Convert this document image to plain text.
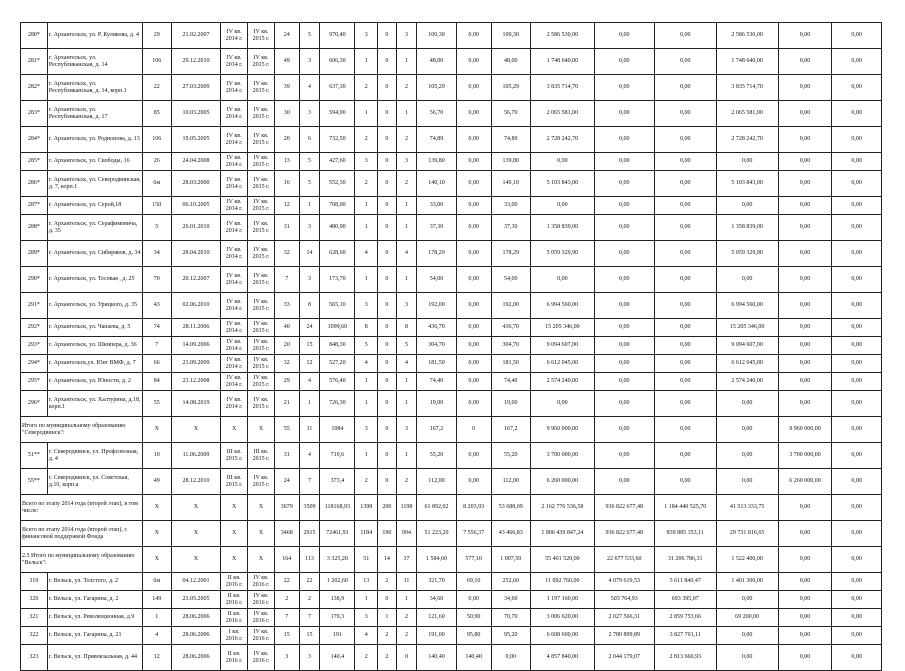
280*	г. Архангельск, ул. Р. Куликова, д. 4	29	21.02.2007	IV кв. 2014 г.	IV кв. 2015 г.	24	5	970,40	3	0	3	100,30	0,00	100,30	2 586 530,00	0,00	0,00	2 586 530,00	0,00	0,00
281*	г. Архангельск, ул. Республиканская, д. 14	106	29.12.2010	IV кв. 2014 г.	IV кв. 2015 г.	49	3	606,30	1	0	1	48,00	0,00	48,00	1 748 640,00	0,00	0,00	1 748 640,00	0,00	0,00
282*	г. Архангельск, ул. Республиканская, д. 14, корп.1	22	27.03.2009	IV кв. 2014 г.	IV кв. 2015 г.	39	4	637,30	2	0	2	105,29	0,00	105,29	3 835 714,70	0,00	0,00	3 835 714,70	0,00	0,00
283*	г. Архангельск, ул. Республиканская, д. 17	85	10.03.2005	IV кв. 2014 г.	IV кв. 2015 г.	30	3	594,00	1	0	1	56,70	0,00	56,70	2 065 581,00	0,00	0,00	2 065 581,00	0,00	0,00
284*	г. Архангельск, ул. Родионова, д. 13	106	19.05.2005	IV кв. 2014 г.	IV кв. 2015 г.	20	6	732,50	2	0	2	74,89	0,00	74,89	2 728 242,70	0,00	0,00	2 728 242,70	0,00	0,00
285*	г. Архангельск, ул. Свободы, 16	26	24.04.2008	IV кв. 2014 г.	IV кв. 2015 г.	13	5	427,60	3	0	3	139,80	0,00	139,80	0,00	0,00	0,00	0,00	0,00	0,00
286*	г. Архангельск, ул. Северодвинская, д. 7, корп.1	6м	28.03.2000	IV кв. 2014 г.	IV кв. 2015 г.	16	5	552,30	2	0	2	140,10	0,00	140,10	5 103 843,00	0,00	0,00	5 103 843,00	0,00	0,00
287*	г. Архангельск, ул. Серой,18	150	06.10.2005	IV кв. 2014 г.	IV кв. 2015 г.	12	1	708,00	1	0	1	33,00	0,00	33,00	0,00	0,00	0,00	0,00	0,00	0,00
288*	г. Архангельск, ул. Серафимовича, д. 35	5	26.01.2010	IV кв. 2014 г.	IV кв. 2015 г.	31	3	480,90	1	0	1	37,30	0,00	37,30	1 358 839,00	0,00	0,00	1 358 839,00	0,00	0,00
289*	г. Архангельск, ул. Сибиряков, д. 34	34	28.04.2010	IV кв. 2014 г.	IV кв. 2015 г.	32	14	628,60	4	0	4	178,29	0,00	178,29	5 059 329,90	0,00	0,00	5 059 329,90	0,00	0,00
290*	г. Архангельск, ул. Тесовая , д. 25	70	20.12.2007	IV кв. 2014 г.	IV кв. 2015 г.	7	3	173,70	1	0	1	54,00	0,00	54,00	0,00	0,00	0,00	0,00	0,00	0,00
291*	г. Архангельск, ул. Урицкого, д. 35	43	02.06.2010	IV кв. 2014 г.	IV кв. 2015 г.	33	8	565,10	3	0	3	192,00	0,00	192,00	6 994 560,00	0,00	0,00	6 994 560,00	0,00	0,00
292*	г. Архангельск, ул. Чапаева, д. 5	74	28.11.2006	IV кв. 2014 г.	IV кв. 2015 г.	40	24	1099,60	8	0	8	436,70	0,00	436,70	15 205 346,00	0,00	0,00	15 205 346,00	0,00	0,00
293*	г. Архангельск, ул. Шкипера, д. 36	7	14.09.2006	IV кв. 2014 г.	IV кв. 2015 г.	20	15	848,30	5	0	5	304,70	0,00	304,70	9 094 607,00	0,00	0,00	9 094 607,00	0,00	0,00
294*	г. Архангельск,ул. Юнг ВМФ, д. 7	66	23.09.2009	IV кв. 2014 г.	IV кв. 2015 г.	32	12	527,20	4	0	4	181,50	0,00	181,50	6 612 045,00	0,00	0,00	6 612 045,00	0,00	0,00
295*	г. Архангельск, ул. Юности, д. 2	84	23.12.2008	IV кв. 2014 г.	IV кв. 2015 г.	29	4	576,40	1	0	1	74,40	0,00	74,40	2 574 240,00	0,00	0,00	2 574 240,00	0,00	0,00
296*	г. Архангельск, ул. Халтурина, д.18, корп.1	55	14.08.2019	IV кв. 2014 г.	IV кв. 2015 г.	21	1	726,30	1	0	1	19,00	0,00	19,00	0,00	0,00	0,00	0,00	0,00	0,00
Итого по муниципальному образованию "Северодвинск":		X	X	X	X	55	11	1084	3	0	3	167,2	0	167,2	9 960 000,00	0,00	0,00	0,00	9 960 000,00	0,00
51**	г. Северодвинск, ул. Профсоюзная, д. 4	10	11.06.2009	III кв. 2015 г.	III кв. 2015 г.	31	4	719,6	1	0	1	55,20	0,00	55,20	3 700 000,00	0,00	0,00	0,00	3 700 000,00	0,00
55**	г. Северодвинск, ул. Советская, д.10, корп.а	49	28.12.2010	III кв. 2015 г.	IV кв. 2015 г.	24	7	373,4	2	0	2	112,00	0,00	112,00	6 260 000,00	0,00	0,00	0,00	6 260 000,00	0,00
Всего по этапу 2014 года (второй этап), в том числе:		X	X	X	X	3679	3509	118168,93	1398	200	1198	61 892,02	8 203,93	53 688,09	2 162 776 536,58	936 822 677,48	1 184 440 525,70	41 513 333,75	0,00	0,00
Всего по этапу 2014 года (второй этап), с финансовой поддержкой Фонда		X	X	X	X	3468	2915	72461,91	1184	190	994	51 223,20	7 556,37	43 466,83	1 806 439 847,24	936 822 677,48	839 885 353,11	29 731 816,65	0,00	0,00
2.5 Итого по муниципальному образованию "Вельск":		X	X	X	X	164	113	3 325,20	51	14	37	1 584,60	577,10	1 007,50	55 401 520,00	22 677 533,60	31 206 786,31	1 522 400,00	0,00	0,00
319	г. Вельск, ул. Толстого, д. 2	6м	04.12.2001	II кв. 2016 г.	IV кв. 2016 г.	22	22	1 202,60	13	2	11	321,70	69,10	252,60	11 092 760,00	4 079 619,53	5 611 840,47	1 401 300,00	0,00	0,00
320	г. Вельск, ул. Гагарина, д. 2	149	23.05.2005	II кв. 2016 г.	IV кв. 2016 г.	2	2	138,9	1	0	1	34,60	0,00	34,60	1 197 160,00	503 764,93	693 395,07	0,00	0,00	0,00
321	г. Вельск, ул. Революционная, д.9	1	28.06.2006	II кв. 2016 г.	IV кв. 2016 г.	7	7	179,3	3	1	2	121,60	50,90	70,70	3 006 620,00	2 027 566,31	2 859 753,66	69 200,00	0,00	0,00
322	г. Вельск, ул. Гагарина, д. 21	4	28.06.2006	I кв. 2016 г.	IV кв. 2016 г.	15	15	191	4	2	2	191,00	95,80	95,20	6 608 600,00	2 780 899,89	3 827 701,11	0,00	0,00	0,00
323	г. Вельск, ул. Привокзальная, д. 44	12	28.06.2006	II кв. 2016 г.	IV кв. 2016 г.	3	3	140,4	2	2	0	140,40	140,40	0,00	4 857 840,00	2 044 179,07	2 813 660,93	0,00	0,00	0,00
